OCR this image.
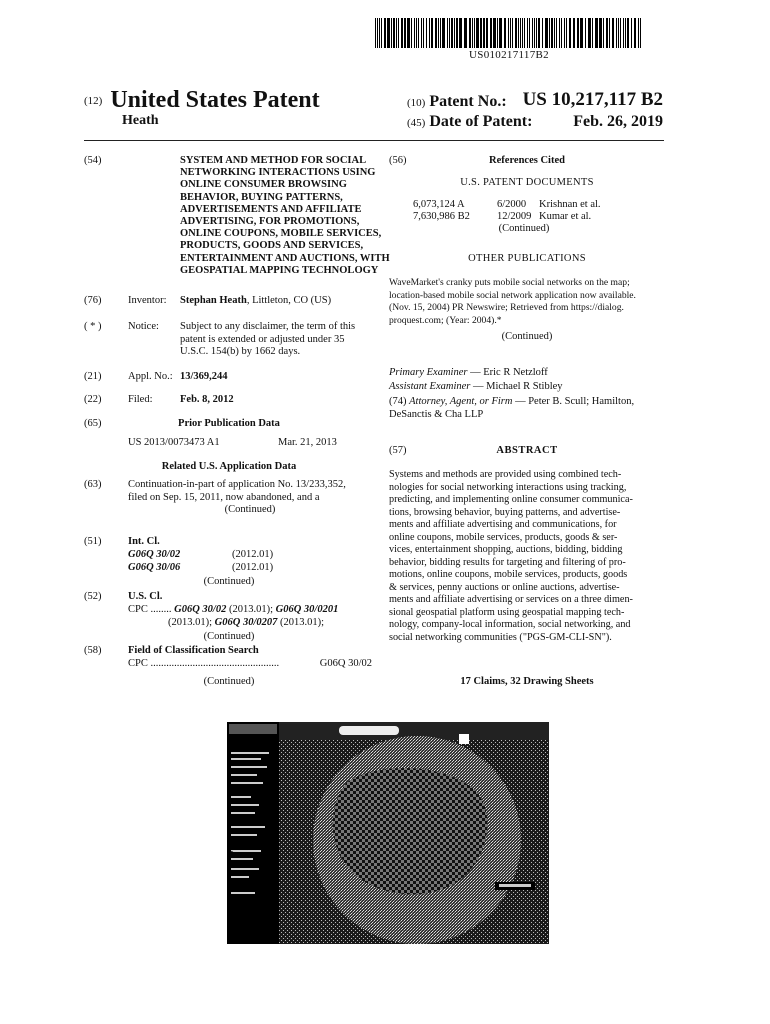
US010217117B2
(12) United States Patent
Heath
(10) Patent No.: US 10,217,117 B2
(45) Date of Patent:	Feb. 26, 2019
(54)	SYSTEM AND METHOD FOR SOCIAL
NETWORKING INTERACTIONS USING
ONLINE CONSUMER BROWSING
BEHAVIOR, BUYING PATTERNS,
ADVERTISEMENTS AND AFFILIATE
ADVERTISING, FOR PROMOTIONS,
ONLINE COUPONS, MOBILE SERVICES,
PRODUCTS, GOODS AND SERVICES,
ENTERTAINMENT AND AUCTIONS, WITH
GEOSPATIAL MAPPING TECHNOLOGY
(76)	Inventor: Stephan Heath, Littleton, CO (US)
( * )	Notice: Subject to any disclaimer, the term of this
patent is extended or adjusted under 35
U.S.C. 154(b) by 1662 days.
(21)	Appl. No.: 13/369,244
(22)	Filed:	Feb. 8, 2012
(65)	Prior Publication Data
US 2013/0073473 A1	Mar. 21, 2013
Related U.S. Application Data
(63)	Continuation-in-part of application No. 13/233,352,
filed on Sep. 15, 2011, now abandoned, and a
(Continued)
(51)	Int. Cl.
G06Q 30/02	(2012.01)
G06Q 30/06	(2012.01)
(Continued)
(52)	U.S. Cl.
CPC ........ G06Q 30/02 (2013.01); G06Q 30/0201
(2013.01); G06Q 30/0207 (2013.01);
(Continued)
(58)	Field of Classification Search
CPC .................................................	G06Q 30/02
(Continued)
(56)	References Cited
U.S. PATENT DOCUMENTS
6,073,124 A	6/2000 Krishnan et al.
7,630,986 B2	12/2009 Kumar et al.
(Continued)
OTHER PUBLICATIONS
WaveMarket's cranky puts mobile social networks on the map;
location-based mobile social network application now available.
(Nov. 15, 2004) PR Newswire; Retrieved from https://dialog.
proquest.com; (Year: 2004).*
(Continued)
Primary Examiner — Eric R Netzloff
Assistant Examiner — Michael R Stibley
(74) Attorney, Agent, or Firm — Peter B. Scull; Hamilton,
DeSanctis & Cha LLP
(57)	ABSTRACT
Systems and methods are provided using combined tech-
nologies for social networking interactions using tracking,
predicting, and implementing online consumer communica-
tions, browsing behavior, buying patterns, and advertise-
ments and affiliate advertising and communications, for
online coupons, mobile services, products, goods & ser-
vices, entertainment shopping, auctions, bidding, bidding
behavior, bidding results for targeting and filtering of pro-
motions, online coupons, mobile services, products, goods
& services, penny auctions or online auctions, advertise-
ments and affiliate advertising or services on a three dimen-
sional geospatial platform using geospatial mapping tech-
nology, company-local information, social networking, and
social networking communities ("PGS-GM-CLI-SN").
17 Claims, 32 Drawing Sheets
